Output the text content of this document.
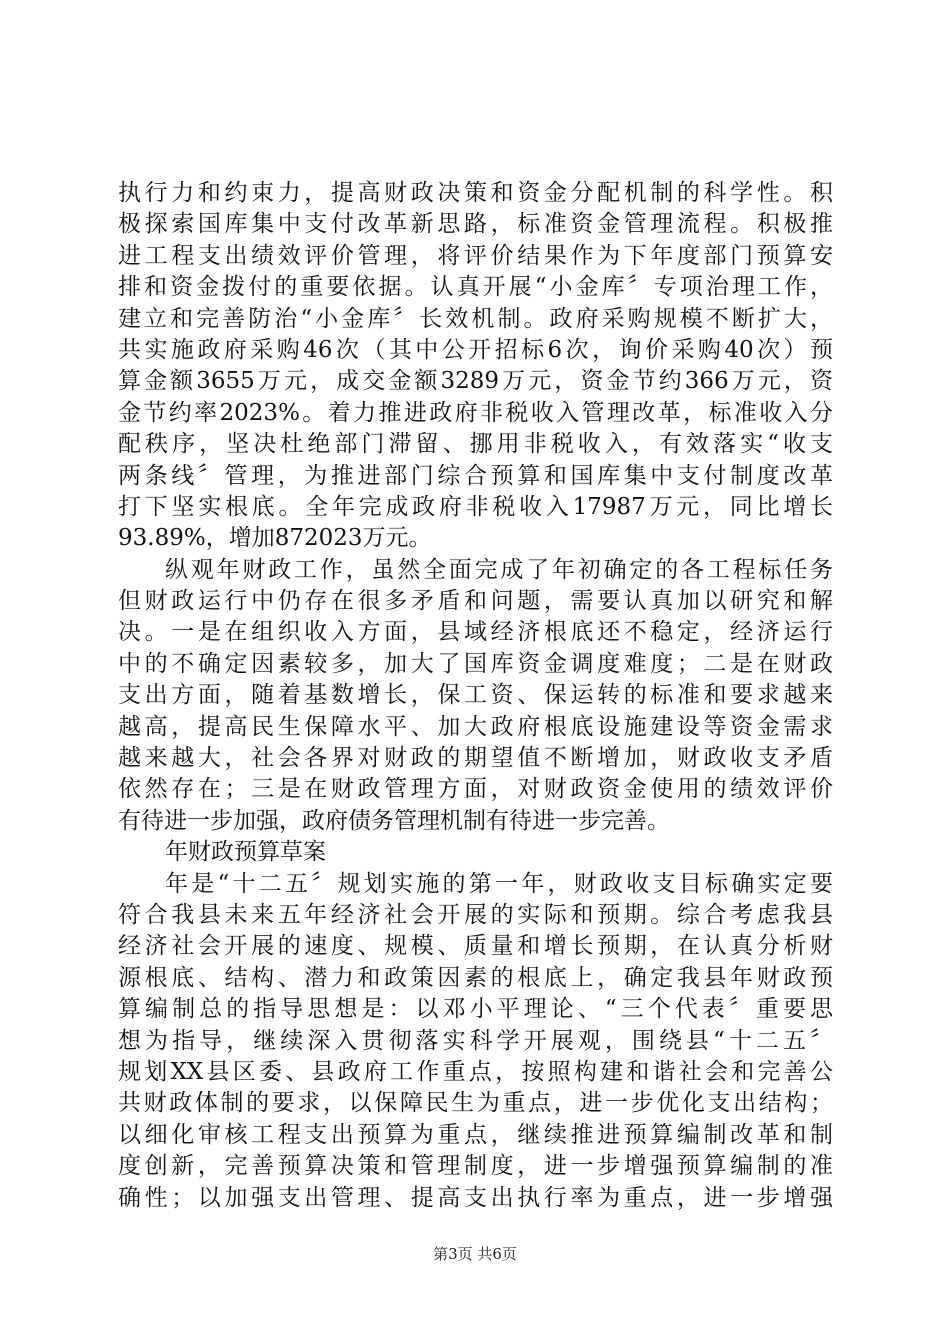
执行力和约束力，提高财政决策和资金分配机制的科学性。积
极探索国库集中支付改革新思路，标准资金管理流程。积极推
进工程支出绩效评价管理，将评价结果作为下年度部门预算安
排和资金拨付的重要依据。认真开展“小金库〞专项治理工作，
建立和完善防治“小金库〞长效机制。政府采购规模不断扩大，
共实施政府采购46次（其中公开招标6次，询价采购40次）预
算金额3655万元，成交金额3289万元，资金节约366万元，资
金节约率2023%。着力推进政府非税收入管理改革，标准收入分
配秩序，坚决杜绝部门滞留、挪用非税收入，有效落实“收支
两条线〞管理，为推进部门综合预算和国库集中支付制度改革
打下坚实根底。全年完成政府非税收入17987万元，同比增长
93.89%，增加872023万元。
纵观年财政工作，虽然全面完成了年初确定的各工程标任务
但财政运行中仍存在很多矛盾和问题，需要认真加以研究和解
决。一是在组织收入方面，县域经济根底还不稳定，经济运行
中的不确定因素较多，加大了国库资金调度难度；二是在财政
支出方面，随着基数增长，保工资、保运转的标准和要求越来
越高，提高民生保障水平、加大政府根底设施建设等资金需求
越来越大，社会各界对财政的期望值不断增加，财政收支矛盾
依然存在；三是在财政管理方面，对财政资金使用的绩效评价
有待进一步加强，政府债务管理机制有待进一步完善。
年财政预算草案
年是“十二五〞规划实施的第一年，财政收支目标确实定要
符合我县未来五年经济社会开展的实际和预期。综合考虑我县
经济社会开展的速度、规模、质量和增长预期，在认真分析财
源根底、结构、潜力和政策因素的根底上，确定我县年财政预
算编制总的指导思想是：以邓小平理论、“三个代表〞重要思
想为指导，继续深入贯彻落实科学开展观，围绕县“十二五〞
规划XX县区委、县政府工作重点，按照构建和谐社会和完善公
共财政体制的要求，以保障民生为重点，进一步优化支出结构；
以细化审核工程支出预算为重点，继续推进预算编制改革和制
度创新，完善预算决策和管理制度，进一步增强预算编制的准
确性；以加强支出管理、提高支出执行率为重点，进一步增强
第3页 共6页
